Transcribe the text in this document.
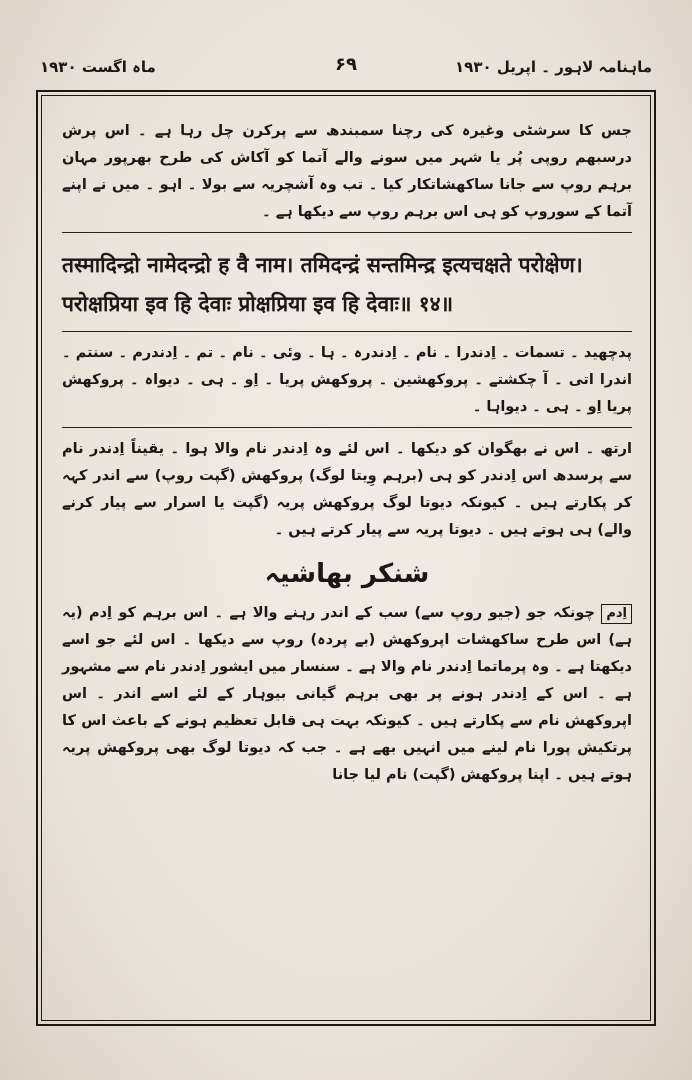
ماہنامہ لاہور ۔ اپریل ۱۹۳۰
۶۹
ماہ اگست ۱۹۳۰

جس کا سرشٹی وغیرہ کی رچنا سمبندھ سے پرکرن چل رہا ہے ۔ اس پرش درسبھم روپی پُر یا شہر میں سونے والے آتما کو آکاش کی طرح بھرپور مہان برہم روپ سے جانا ساکھشاتکار کیا ۔ تب وہ آشچریہ سے بولا ۔ اہو ۔ میں نے اپنے آتما کے سوروپ کو ہی اس برہم روپ سے دیکھا ہے ۔

तस्मादिन्द्रो नामेदन्द्रो ह वै नाम। तमिदन्द्रं सन्तमिन्द्र इत्यचक्षते परोक्षेण। परोक्षप्रिया इव हि देवाः प्रोक्षप्रिया इव हि देवाः॥ १४॥

پدچھید ۔ تسمات ۔ اِدندرا ۔ نام ۔ اِدندرہ ۔ ہا ۔ وئی ۔ نام ۔ تم ۔ اِدندرم ۔ سنتم ۔ اندرا اتی ۔ آ چکشتے ۔ پروکھشین ۔ پروکھش پریا ۔ اِو ۔ ہی ۔ دیواہ ۔ پروکھش پریا اِو ۔ ہی ۔ دیواہا ۔

ارتھ ۔ اس نے بھگوان کو دیکھا ۔ اس لئے وہ اِدندر نام والا ہوا ۔ یقیناً اِدندر نام سے پرسدھ اس اِدندر کو ہی (برہم وِیتا لوگ) پروکھش (گپت روپ) سے اندر کہہ کر پکارتے ہیں ۔ کیونکہ دیوتا لوگ پروکھش پریہ (گپت یا اسرار سے پیار کرنے والے) ہی ہوتے ہیں ۔ دیوتا پریہ سے پیار کرتے ہیں ۔

شنکر بھاشیہ

اِدم چونکہ جو (جیو روپ سے) سب کے اندر رہنے والا ہے ۔ اس برہم کو اِدم (یہ ہے) اس طرح ساکھشات اپروکھش (بے پردہ) روپ سے دیکھا ۔ اس لئے جو اسے دیکھتا ہے ۔ وہ پرماتما اِدندر نام والا ہے ۔ سنسار میں ایشور اِدندر نام سے مشہور ہے ۔ اس کے اِدندر ہونے پر بھی برہم گیانی بیوہار کے لئے اسے اندر ۔ اس اپروکھش نام سے پکارتے ہیں ۔ کیونکہ بہت ہی قابل تعظیم ہونے کے باعث اس کا پرتکیش پورا نام لینے میں انہیں بھے ہے ۔ جب کہ دیوتا لوگ بھی پروکھش پریہ ہوتے ہیں ۔ اپنا پروکھش (گپت) نام لیا جانا
